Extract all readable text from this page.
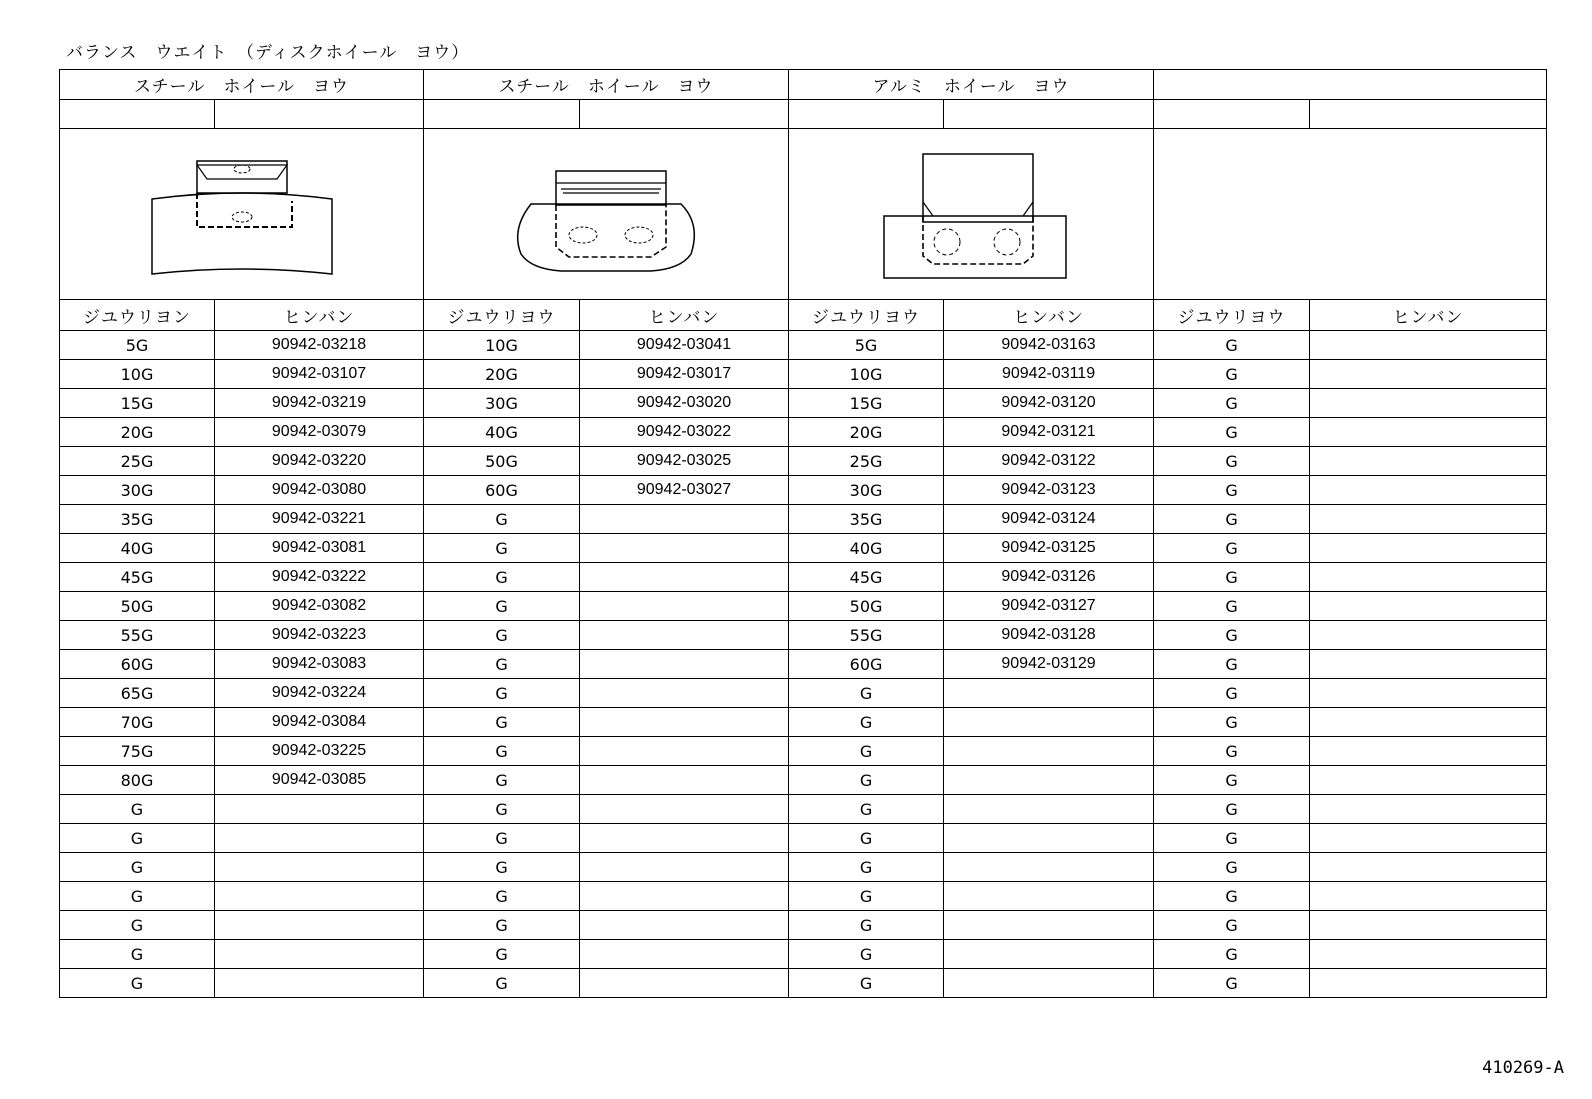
バランス　ウエイト　（ディスクホイール　ヨウ）
スチール　ホイール　ヨウ		スチール　ホイール　ヨウ		アルミ　ホイール　ヨウ			

ジユウリヨン	ヒンバン	ジユウリヨウ	ヒンバン	ジユウリヨウ	ヒンバン	ジユウリヨウ	ヒンバン
5G	90942-03218	10G	90942-03041	5G	90942-03163	G	
10G	90942-03107	20G	90942-03017	10G	90942-03119	G	
15G	90942-03219	30G	90942-03020	15G	90942-03120	G	
20G	90942-03079	40G	90942-03022	20G	90942-03121	G	
25G	90942-03220	50G	90942-03025	25G	90942-03122	G	
30G	90942-03080	60G	90942-03027	30G	90942-03123	G	
35G	90942-03221	G		35G	90942-03124	G	
40G	90942-03081	G		40G	90942-03125	G	
45G	90942-03222	G		45G	90942-03126	G	
50G	90942-03082	G		50G	90942-03127	G	
55G	90942-03223	G		55G	90942-03128	G	
60G	90942-03083	G		60G	90942-03129	G	
65G	90942-03224	G		G		G	
70G	90942-03084	G		G		G	
75G	90942-03225	G		G		G	
80G	90942-03085	G		G		G	
G		G		G		G	
G		G		G		G	
G		G		G		G	
G		G		G		G	
G		G		G		G	
G		G		G		G	
G		G		G		G	
410269-A
